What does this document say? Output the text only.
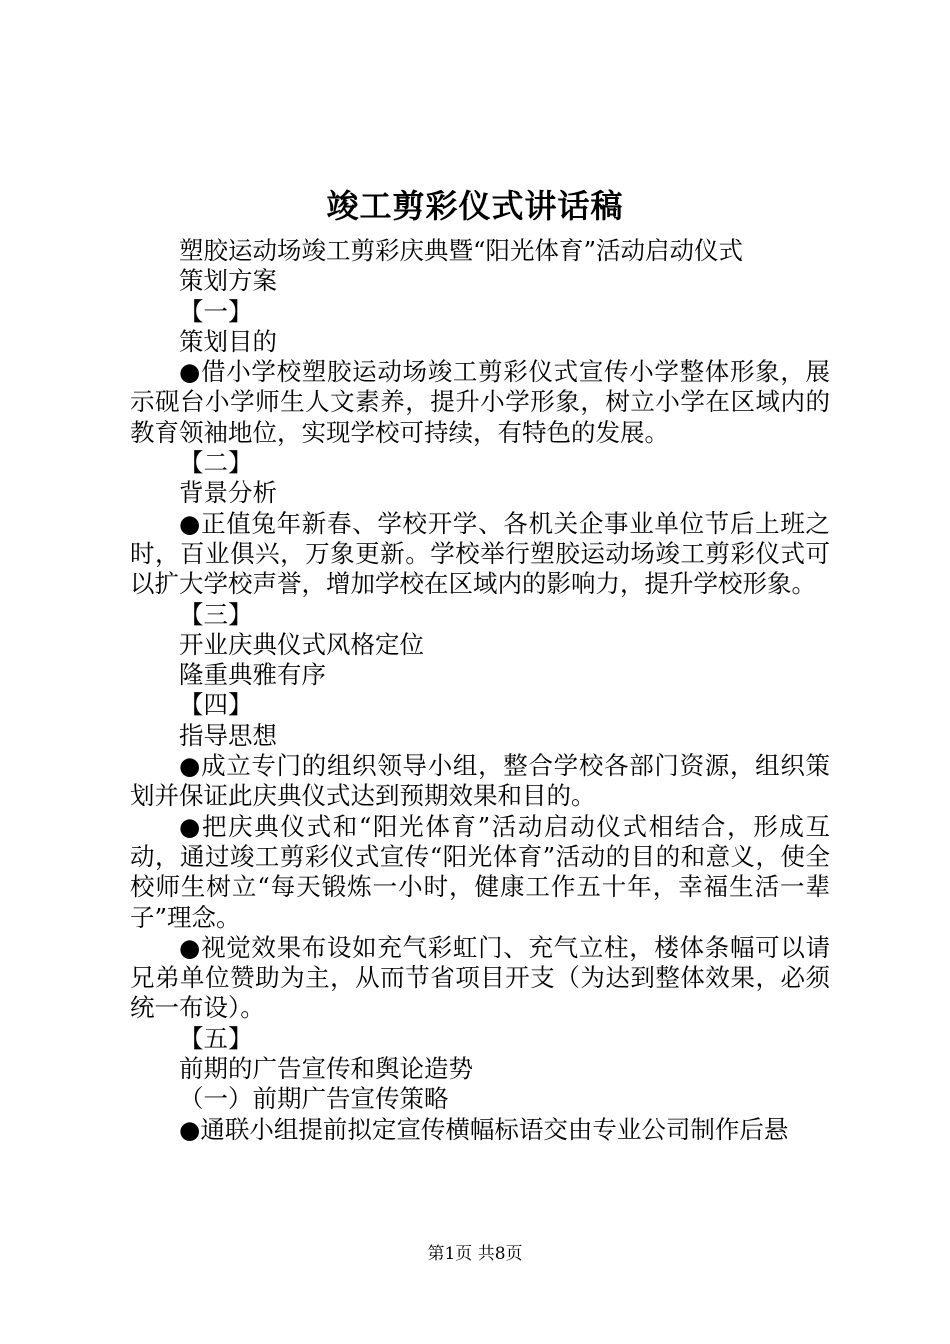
竣工剪彩仪式讲话稿

塑胶运动场竣工剪彩庆典暨“阳光体育”活动启动仪式

策划方案

【一】

策划目的

●借小学校塑胶运动场竣工剪彩仪式宣传小学整体形象，展示砚台小学师生人文素养，提升小学形象，树立小学在区域内的教育领袖地位，实现学校可持续，有特色的发展。

【二】

背景分析

●正值兔年新春、学校开学、各机关企事业单位节后上班之时，百业俱兴，万象更新。学校举行塑胶运动场竣工剪彩仪式可以扩大学校声誉，增加学校在区域内的影响力，提升学校形象。

【三】

开业庆典仪式风格定位

隆重典雅有序

【四】

指导思想

●成立专门的组织领导小组，整合学校各部门资源，组织策划并保证此庆典仪式达到预期效果和目的。

●把庆典仪式和“阳光体育”活动启动仪式相结合，形成互动，通过竣工剪彩仪式宣传“阳光体育”活动的目的和意义，使全校师生树立“每天锻炼一小时，健康工作五十年，幸福生活一辈子”理念。

●视觉效果布设如充气彩虹门、充气立柱，楼体条幅可以请兄弟单位赞助为主，从而节省项目开支（为达到整体效果，必须统一布设）。

【五】

前期的广告宣传和舆论造势

（一）前期广告宣传策略

●通联小组提前拟定宣传横幅标语交由专业公司制作后悬

第1页 共8页
